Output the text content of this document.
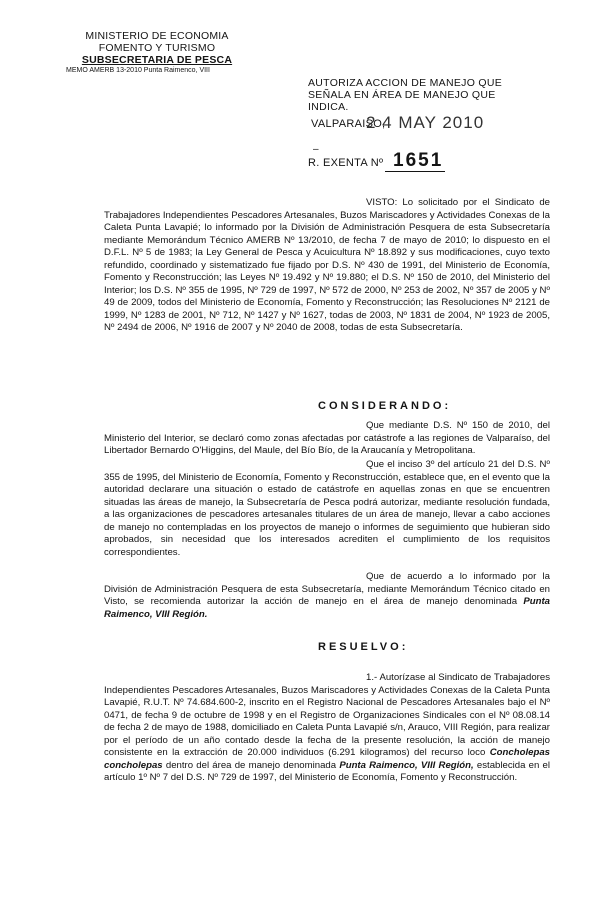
MINISTERIO DE ECONOMIA
FOMENTO Y TURISMO
SUBSECRETARIA DE PESCA
MEMO AMERB 13-2010 Punta Raimenco, VIII
AUTORIZA ACCION DE MANEJO QUE SEÑALA EN ÁREA DE MANEJO QUE INDICA.
VALPARAISO,
2 4 MAY 2010
–
R. EXENTA Nº 1651

VISTO: Lo solicitado por el Sindicato de Trabajadores Independientes Pescadores Artesanales, Buzos Mariscadores y Actividades Conexas de la Caleta Punta Lavapié; lo informado por la División de Administración Pesquera de esta Subsecretaría mediante Memorándum Técnico AMERB Nº 13/2010, de fecha 7 de mayo de 2010; lo dispuesto en el D.F.L. Nº 5 de 1983; la Ley General de Pesca y Acuicultura Nº 18.892 y sus modificaciones, cuyo texto refundido, coordinado y sistematizado fue fijado por D.S. Nº 430 de 1991, del Ministerio de Economía, Fomento y Reconstrucción; las Leyes Nº 19.492 y Nº 19.880; el D.S. Nº 150 de 2010, del Ministerio del Interior; los D.S. Nº 355 de 1995, Nº 729 de 1997, Nº 572 de 2000, Nº 253 de 2002, Nº 357 de 2005 y Nº 49 de 2009, todos del Ministerio de Economía, Fomento y Reconstrucción; las Resoluciones Nº 2121 de 1999, Nº 1283 de 2001, Nº 712, Nº 1427 y Nº 1627, todas de 2003, Nº 1831 de 2004, Nº 1923 de 2005, Nº 2494 de 2006, Nº 1916 de 2007 y Nº 2040 de 2008, todas de esta Subsecretaría.

CONSIDERANDO:

Que mediante D.S. Nº 150 de 2010, del Ministerio del Interior, se declaró como zonas afectadas por catástrofe a las regiones de Valparaíso, del Libertador Bernardo O'Higgins, del Maule, del Bío Bío, de la Araucanía y Metropolitana.

Que el inciso 3º del artículo 21 del D.S. Nº 355 de 1995, del Ministerio de Economía, Fomento y Reconstrucción, establece que, en el evento que la autoridad declarare una situación o estado de catástrofe en aquellas zonas en que se encuentren situadas las áreas de manejo, la Subsecretaría de Pesca podrá autorizar, mediante resolución fundada, a las organizaciones de pescadores artesanales titulares de un área de manejo, llevar a cabo acciones de manejo no contempladas en los proyectos de manejo o informes de seguimiento que hubieran sido aprobados, sin necesidad que los interesados acrediten el cumplimiento de los requisitos correspondientes.

Que de acuerdo a lo informado por la División de Administración Pesquera de esta Subsecretaría, mediante Memorándum Técnico citado en Visto, se recomienda autorizar la acción de manejo en el área de manejo denominada Punta Raimenco, VIII Región.

RESUELVO:

1.- Autorízase al Sindicato de Trabajadores Independientes Pescadores Artesanales, Buzos Mariscadores y Actividades Conexas de la Caleta Punta Lavapié, R.U.T. Nº 74.684.600-2, inscrito en el Registro Nacional de Pescadores Artesanales bajo el Nº 0471, de fecha 9 de octubre de 1998 y en el Registro de Organizaciones Sindicales con el Nº 08.08.14 de fecha 2 de mayo de 1988, domiciliado en Caleta Punta Lavapié s/n, Arauco, VIII Región, para realizar por el período de un año contado desde la fecha de la presente resolución, la acción de manejo consistente en la extracción de 20.000 individuos (6.291 kilogramos) del recurso loco Concholepas concholepas dentro del área de manejo denominada Punta Raimenco, VIII Región, establecida en el artículo 1º Nº 7 del D.S. Nº 729 de 1997, del Ministerio de Economía, Fomento y Reconstrucción.
